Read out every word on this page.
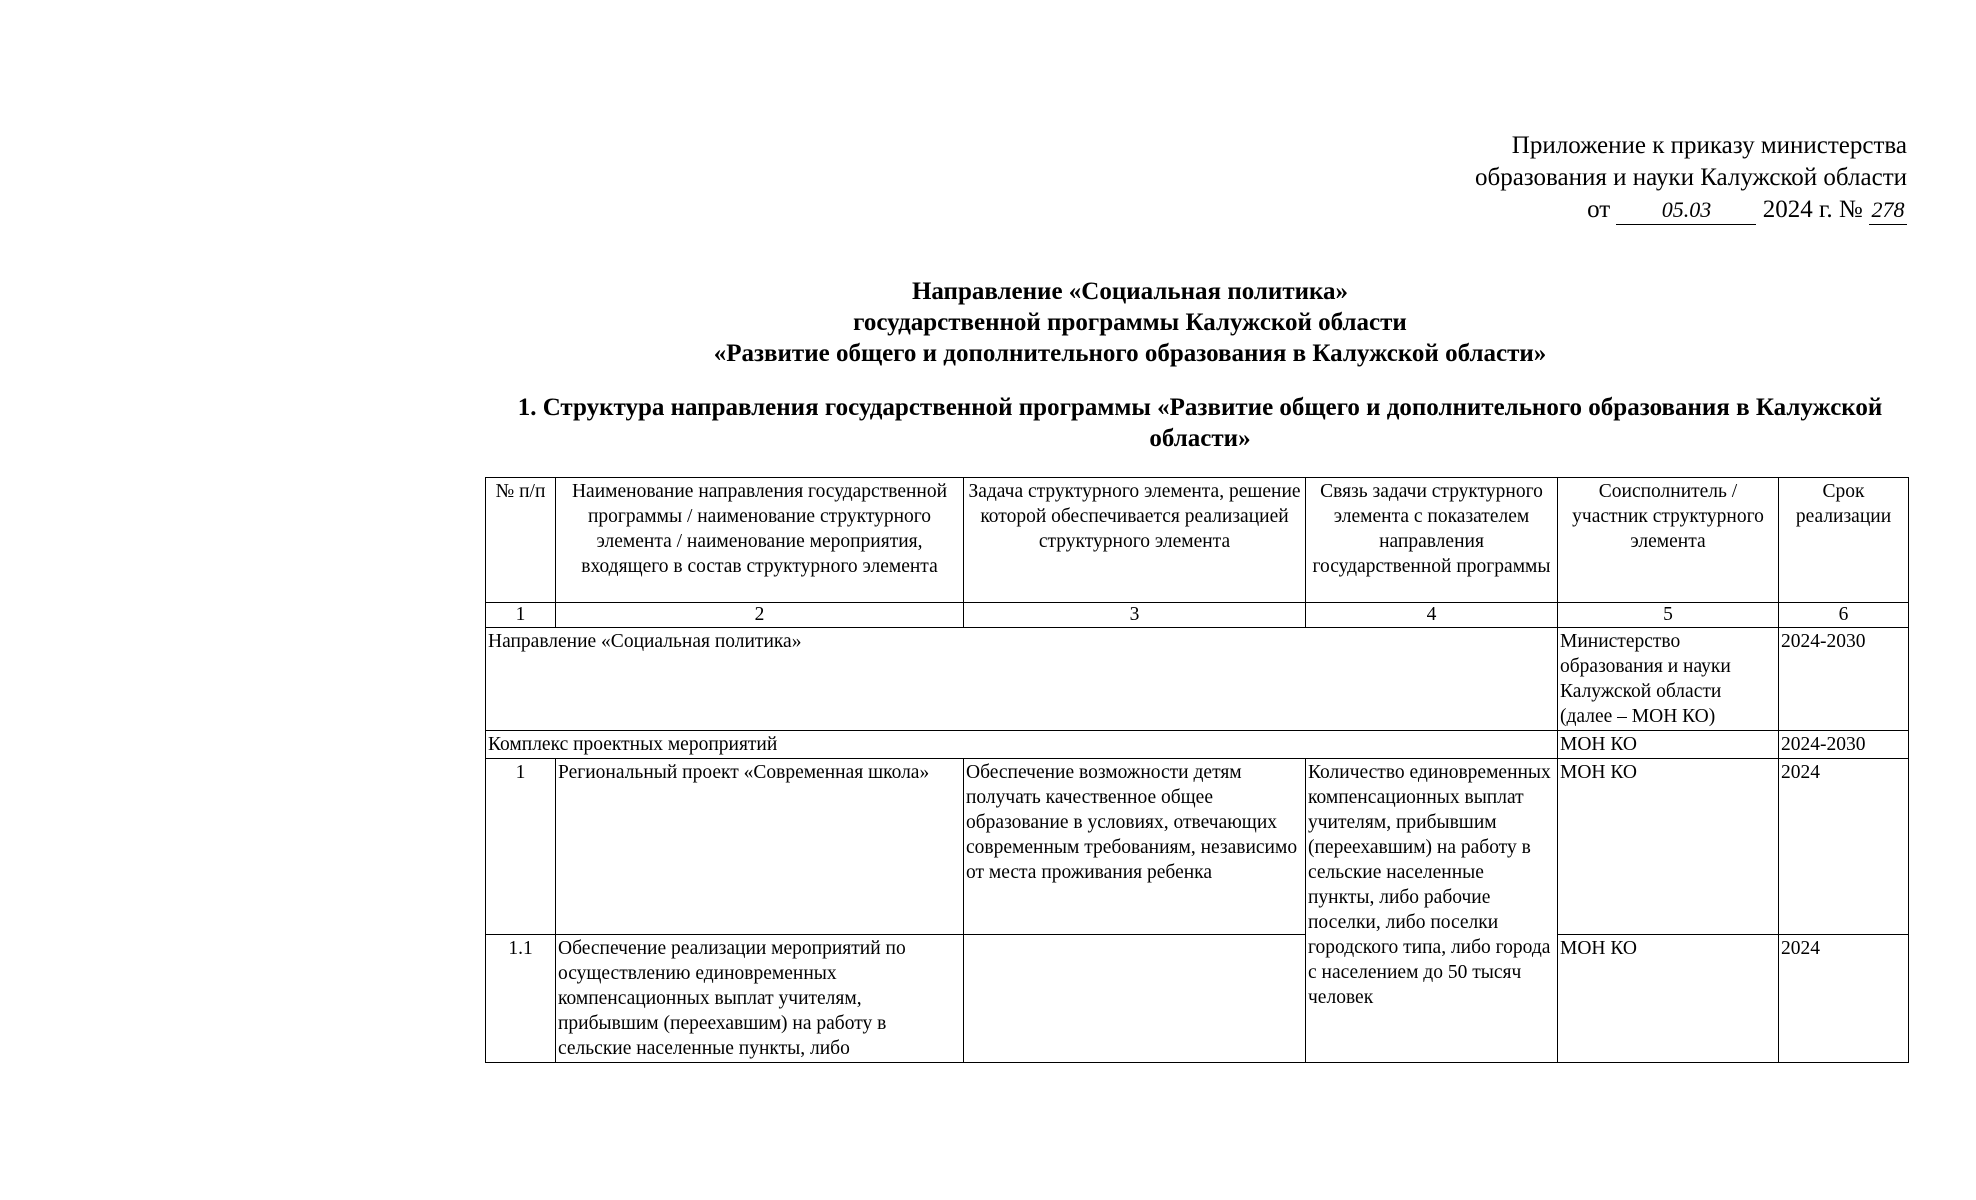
Приложение к приказу министерства
образования и науки Калужской области
от 05.03 2024 г. № 278
Направление «Социальная политика»
государственной программы Калужской области
«Развитие общего и дополнительного образования в Калужской области»
1. Структура направления государственной программы «Развитие общего и дополнительного образования в Калужской области»
№ п/п	Наименование направления государственной программы / наименование структурного элемента / наименование мероприятия, входящего в состав структурного элемента	Задача структурного элемента, решение которой обеспечивается реализацией структурного элемента	Связь задачи структурного элемента с показателем направления государственной программы	Соисполнитель / участник структурного элемента	Срок реализации
1	2	3	4	5	6
Направление «Социальная политика»				Министерство образования и науки Калужской области (далее – МОН КО)	2024-2030
Комплекс проектных мероприятий				МОН КО	2024-2030
1	Региональный проект «Современная школа»	Обеспечение возможности детям получать качественное общее образование в условиях, отвечающих современным требованиям, независимо от места проживания ребенка	Количество единовременных компенсационных выплат учителям, прибывшим (переехавшим) на работу в сельские населенные пункты, либо рабочие поселки, либо поселки городского типа, либо города с населением до 50 тысяч человек	МОН КО	2024
1.1	Обеспечение реализации мероприятий по осуществлению единовременных компенсационных выплат учителям, прибывшим (переехавшим) на работу в сельские населенные пункты, либо			МОН КО	2024
